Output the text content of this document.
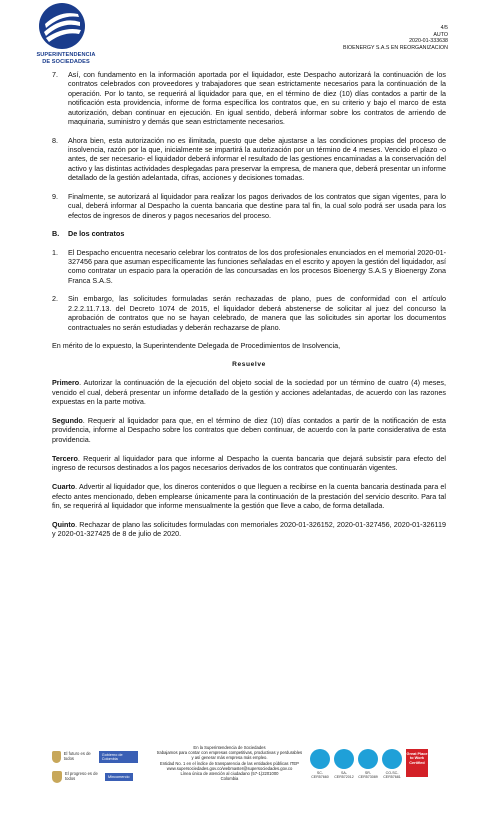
SUPERINTENDENCIA
DE SOCIEDADES
4/5
AUTO
2020-01-333638
BIOENERGY S.A.S EN REORGANIZACION
7. Así, con fundamento en la información aportada por el liquidador, este Despacho autorizará la continuación de los contratos celebrados con proveedores y trabajadores que sean estrictamente necesarios para la continuación de la operación. Por lo tanto, se requerirá al liquidador para que, en el término de diez (10) días contados a partir de la notificación esta providencia, informe de forma específica los contratos que, en su criterio y bajo el marco de esta autorización, deban continuar en ejecución. En igual sentido, deberá informar sobre los contratos de arriendo de maquinaria, suministro y demás que sean estrictamente necesarios.
8. Ahora bien, esta autorización no es ilimitada, puesto que debe ajustarse a las condiciones propias del proceso de insolvencia, razón por la que, inicialmente se impartirá la autorización por un término de 4 meses. Vencido el plazo -o antes, de ser necesario- el liquidador deberá informar el resultado de las gestiones encaminadas a la conservación del activo y las distintas actividades desplegadas para preservar la empresa, de manera que, deberá presentar un informe detallado de la gestión adelantada, cifras, acciones y decisiones tomadas.
9. Finalmente, se autorizará al liquidador para realizar los pagos derivados de los contratos que sigan vigentes, para lo cual, deberá informar al Despacho la cuenta bancaria que destine para tal fin, la cual solo podrá ser usada para los efectos de ingresos de dineros y pagos necesarios del proceso.
B. De los contratos
1. El Despacho encuentra necesario celebrar los contratos de los dos profesionales enunciados en el memorial 2020-01-327456 para que asuman específicamente las funciones señaladas en el escrito y apoyen la gestión del liquidador, así como contratar un espacio para la operación de las concursadas en los procesos Bioenergy S.A.S y Bioenergy Zona Franca S.A.S.
2. Sin embargo, las solicitudes formuladas serán rechazadas de plano, pues de conformidad con el artículo 2.2.2.11.7.13. del Decreto 1074 de 2015, el liquidador deberá abstenerse de solicitar al juez del concurso la aprobación de contratos que no se hayan celebrado, de manera que las solicitudes sin aportar los documentos contractuales no serán estudiadas y deberán rechazarse de plano.
En mérito de lo expuesto, la Superintendente Delegada de Procedimientos de Insolvencia,
Resuelve
Primero. Autorizar la continuación de la ejecución del objeto social de la sociedad por un término de cuatro (4) meses, vencido el cual, deberá presentar un informe detallado de la gestión y acciones adelantadas, de acuerdo con las razones expuestas en la parte motiva.
Segundo. Requerir al liquidador para que, en el término de diez (10) días contados a partir de la notificación de esta providencia, informe al Despacho sobre los contratos que deben continuar, de acuerdo con la parte considerativa de esta providencia.
Tercero. Requerir al liquidador para que informe al Despacho la cuenta bancaria que dejará subsistir para efecto del ingreso de recursos destinados a los pagos necesarios derivados de los contratos que continuarán vigentes.
Cuarto. Advertir al liquidador que, los dineros contenidos o que lleguen a recibirse en la cuenta bancaria destinada para el efecto antes mencionado, deben emplearse únicamente para la continuación de la prestación del servicio descrito. Para tal fin, se requerirá al liquidador que informe mensualmente la gestión que lleve a cabo, de forma detallada.
Quinto. Rechazar de plano las solicitudes formuladas con memoriales 2020-01-326152, 2020-01-327456, 2020-01-326119 y 2020-01-327425 de 8 de julio de 2020.
El futuro es de todos
Gobierno de Colombia
El progreso es de todos	Mincomercio
En la Superintendencia de Sociedades
trabajamos para contar con empresas competitivas, productivas y perdurables
y así generar más empresa más empleo.
Entidad No. 1 en el índice de transparencia de las entidades públicas ITEP
www.supersociedades.gov.co/webmaster@supersociedades.gov.co
Línea única de atención al ciudadano (57-1)2201000
Colombia
SC-CER57660
SA-CER572012
SR-CER573089
CO-SC-CER57681
Great Place to Work Certified
